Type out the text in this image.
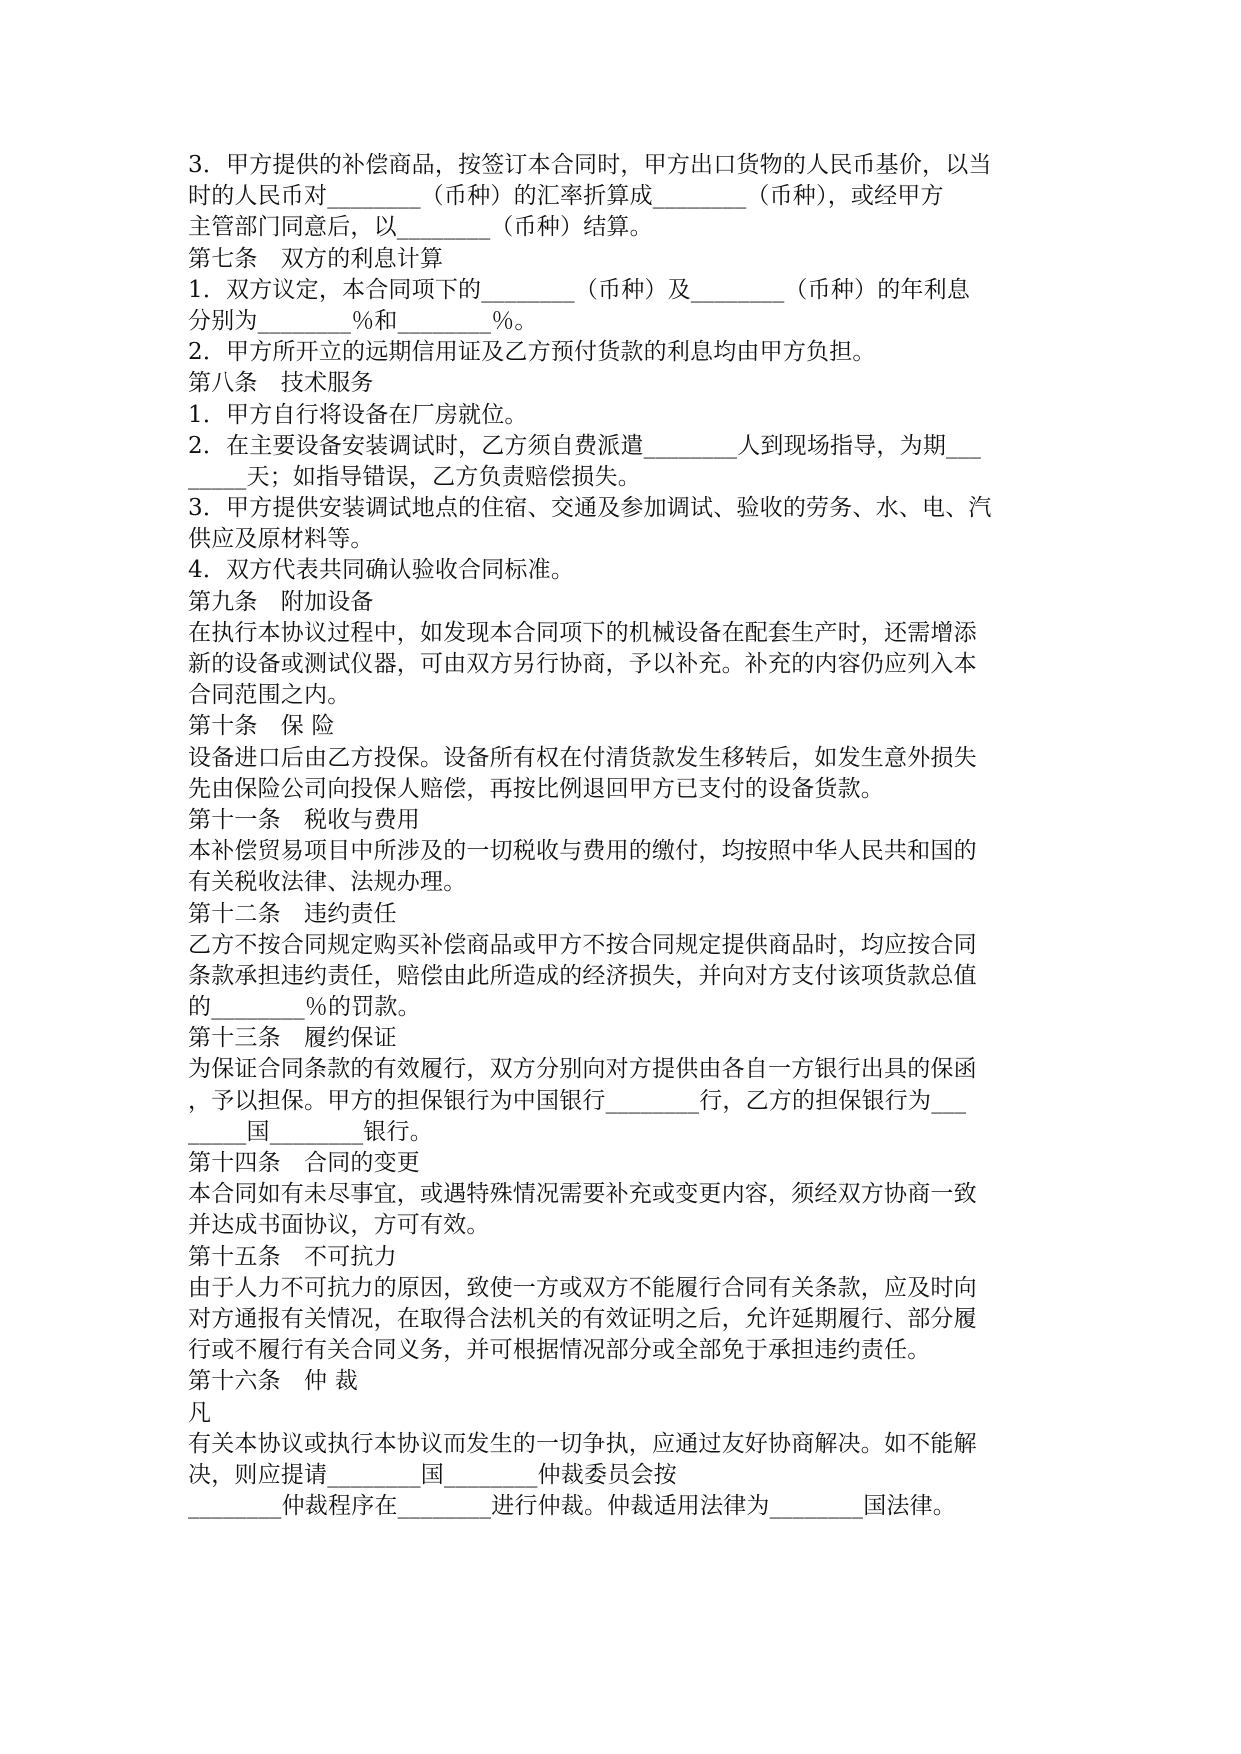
3．甲方提供的补偿商品，按签订本合同时，甲方出口货物的人民币基价，以当
时的人民币对________（币种）的汇率折算成________（币种），或经甲方
主管部门同意后，以________（币种）结算。
第七条　双方的利息计算
1．双方议定，本合同项下的________（币种）及________（币种）的年利息
分别为________％和________％。
2．甲方所开立的远期信用证及乙方预付货款的利息均由甲方负担。
第八条　技术服务
1．甲方自行将设备在厂房就位。
2．在主要设备安装调试时，乙方须自费派遣________人到现场指导，为期___
_____天；如指导错误，乙方负责赔偿损失。
3．甲方提供安装调试地点的住宿、交通及参加调试、验收的劳务、水、电、汽
供应及原材料等。
4．双方代表共同确认验收合同标准。
第九条　附加设备
在执行本协议过程中，如发现本合同项下的机械设备在配套生产时，还需增添
新的设备或测试仪器，可由双方另行协商，予以补充。补充的内容仍应列入本
合同范围之内。
第十条　保 险
设备进口后由乙方投保。设备所有权在付清货款发生移转后，如发生意外损失
先由保险公司向投保人赔偿，再按比例退回甲方已支付的设备货款。
第十一条　税收与费用
本补偿贸易项目中所涉及的一切税收与费用的缴付，均按照中华人民共和国的
有关税收法律、法规办理。
第十二条　违约责任
乙方不按合同规定购买补偿商品或甲方不按合同规定提供商品时，均应按合同
条款承担违约责任，赔偿由此所造成的经济损失，并向对方支付该项货款总值
的________％的罚款。
第十三条　履约保证
为保证合同条款的有效履行，双方分别向对方提供由各自一方银行出具的保函
，予以担保。甲方的担保银行为中国银行________行，乙方的担保银行为___
_____国________银行。
第十四条　合同的变更
本合同如有未尽事宜，或遇特殊情况需要补充或变更内容，须经双方协商一致
并达成书面协议，方可有效。
第十五条　不可抗力
由于人力不可抗力的原因，致使一方或双方不能履行合同有关条款，应及时向
对方通报有关情况，在取得合法机关的有效证明之后，允许延期履行、部分履
行或不履行有关合同义务，并可根据情况部分或全部免于承担违约责任。
第十六条　仲 裁
凡
有关本协议或执行本协议而发生的一切争执，应通过友好协商解决。如不能解
决，则应提请________国________仲裁委员会按
________仲裁程序在________进行仲裁。仲裁适用法律为________国法律。
